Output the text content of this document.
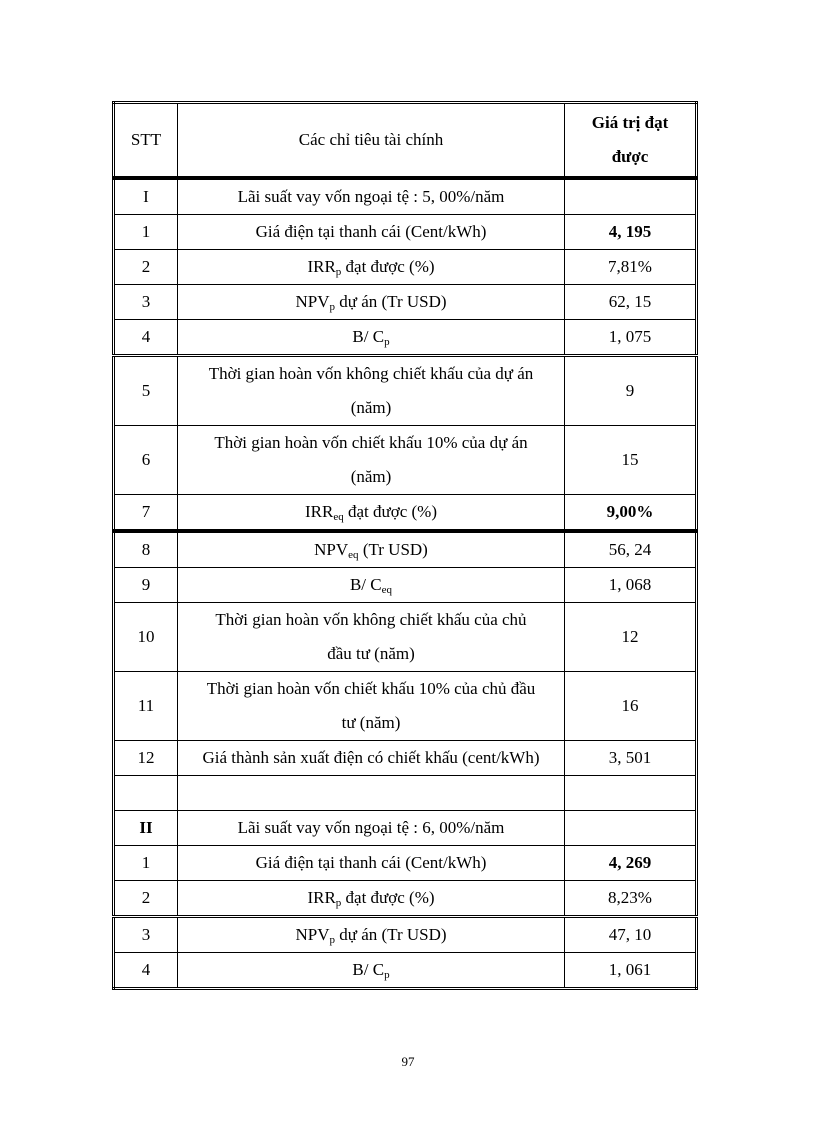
STT	Các chỉ tiêu tài chính	Giá trị đạt
được
I	Lãi suất vay vốn ngoại tệ : 5, 00%/năm	
1	Giá điện tại thanh cái (Cent/kWh)	4, 195
2	$IRR_p$ đạt được (%)	7,81%
3	$NPV_p$ dự án (Tr USD)	62, 15
4	B/ $C_p$	1, 075
5	Thời gian hoàn vốn không chiết khấu của dự án
(năm)	9
6	Thời gian hoàn vốn chiết khấu 10% của dự án
(năm)	15
7	$IRR_{eq}$ đạt được (%)	9,00%
8	$NPV_{eq}$ (Tr USD)	56, 24
9	B/ $C_{eq}$	1, 068
10	Thời gian hoàn vốn không chiết khấu của chủ
đầu tư (năm)	12
11	Thời gian hoàn vốn chiết khấu 10% của chủ đầu
tư (năm)	16
12	Giá thành sản xuất điện có chiết khấu (cent/kWh)	3, 501

II	Lãi suất vay vốn ngoại tệ : 6, 00%/năm	
1	Giá điện tại thanh cái (Cent/kWh)	4, 269
2	$IRR_p$ đạt được (%)	8,23%
3	$NPV_p$ dự án (Tr USD)	47, 10
4	B/ $C_p$	1, 061
97
